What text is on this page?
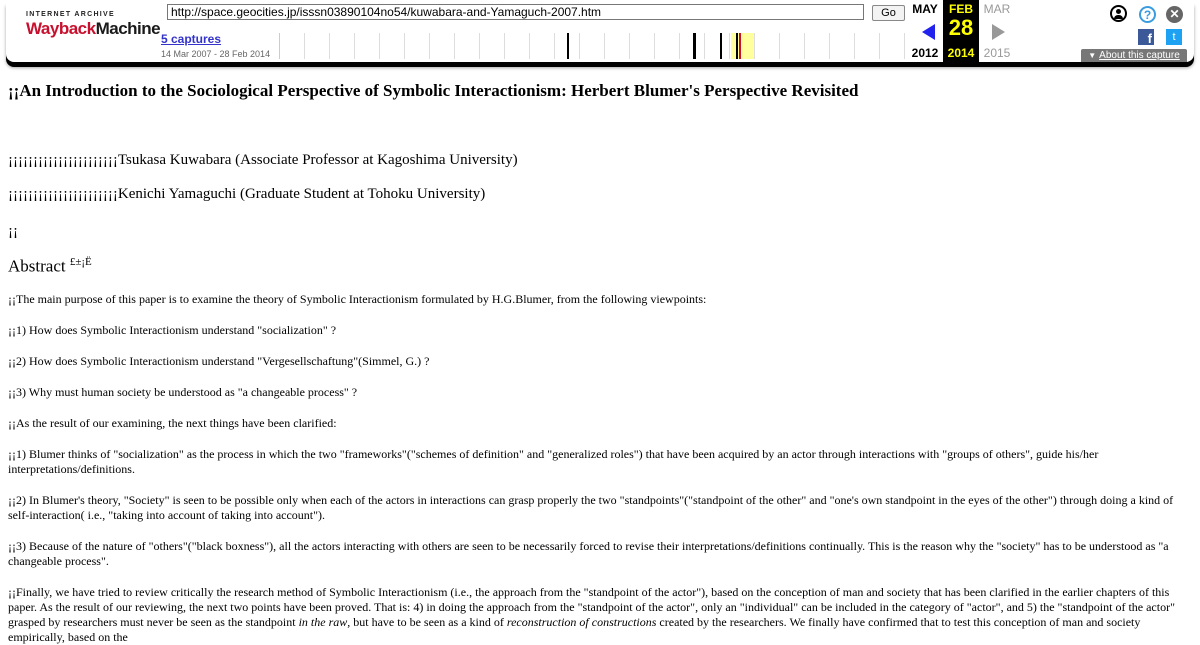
INTERNET ARCHIVE
WaybackMachine
http://space.geocities.jp/isssn03890104no54/kuwabara-and-Yamaguch-2007.htm
Go
5 captures
14 Mar 2007 - 28 Feb 2014
MAY
2012
FEB
28
2014
MAR
2015
?	✕
f	t
▼ About this capture
¡¡An Introduction to the Sociological Perspective of Symbolic Interactionism: Herbert Blumer's Perspective Revisited
¡¡¡¡¡¡¡¡¡¡¡¡¡¡¡¡¡¡¡¡¡¡Tsukasa Kuwabara (Associate Professor at Kagoshima University)
¡¡¡¡¡¡¡¡¡¡¡¡¡¡¡¡¡¡¡¡¡¡Kenichi Yamaguchi (Graduate Student at Tohoku University)
¡¡
Abstract $^{£\pm¡Ë}$
¡¡The main purpose of this paper is to examine the theory of Symbolic Interactionism formulated by H.G.Blumer, from the following viewpoints:
¡¡1) How does Symbolic Interactionism understand "socialization" ?
¡¡2) How does Symbolic Interactionism understand "Vergesellschaftung"(Simmel, G.) ?
¡¡3) Why must human society be understood as "a changeable process" ?
¡¡As the result of our examining, the next things have been clarified:
¡¡1) Blumer thinks of "socialization" as the process in which the two "frameworks"("schemes of definition" and "generalized roles") that have been acquired by an actor through interactions with "groups of others", guide his/her interpretations/definitions.
¡¡2) In Blumer's theory, "Society" is seen to be possible only when each of the actors in interactions can grasp properly the two "standpoints"("standpoint of the other" and "one's own standpoint in the eyes of the other") through doing a kind of self-interaction( i.e., "taking into account of taking into account").
¡¡3) Because of the nature of "others"("black boxness"), all the actors interacting with others are seen to be necessarily forced to revise their interpretations/definitions continually. This is the reason why the "society" has to be understood as "a changeable process".
¡¡Finally, we have tried to review critically the research method of Symbolic Interactionism (i.e., the approach from the "standpoint of the actor"), based on the conception of man and society that has been clarified in the earlier chapters of this paper. As the result of our reviewing, the next two points have been proved. That is: 4) in doing the approach from the "standpoint of the actor", only an "individual" can be included in the category of "actor", and 5) the "standpoint of the actor" grasped by researchers must never be seen as the standpoint in the raw, but have to be seen as a kind of reconstruction of constructions created by the researchers. We finally have confirmed that to test this conception of man and society empirically, based on the
